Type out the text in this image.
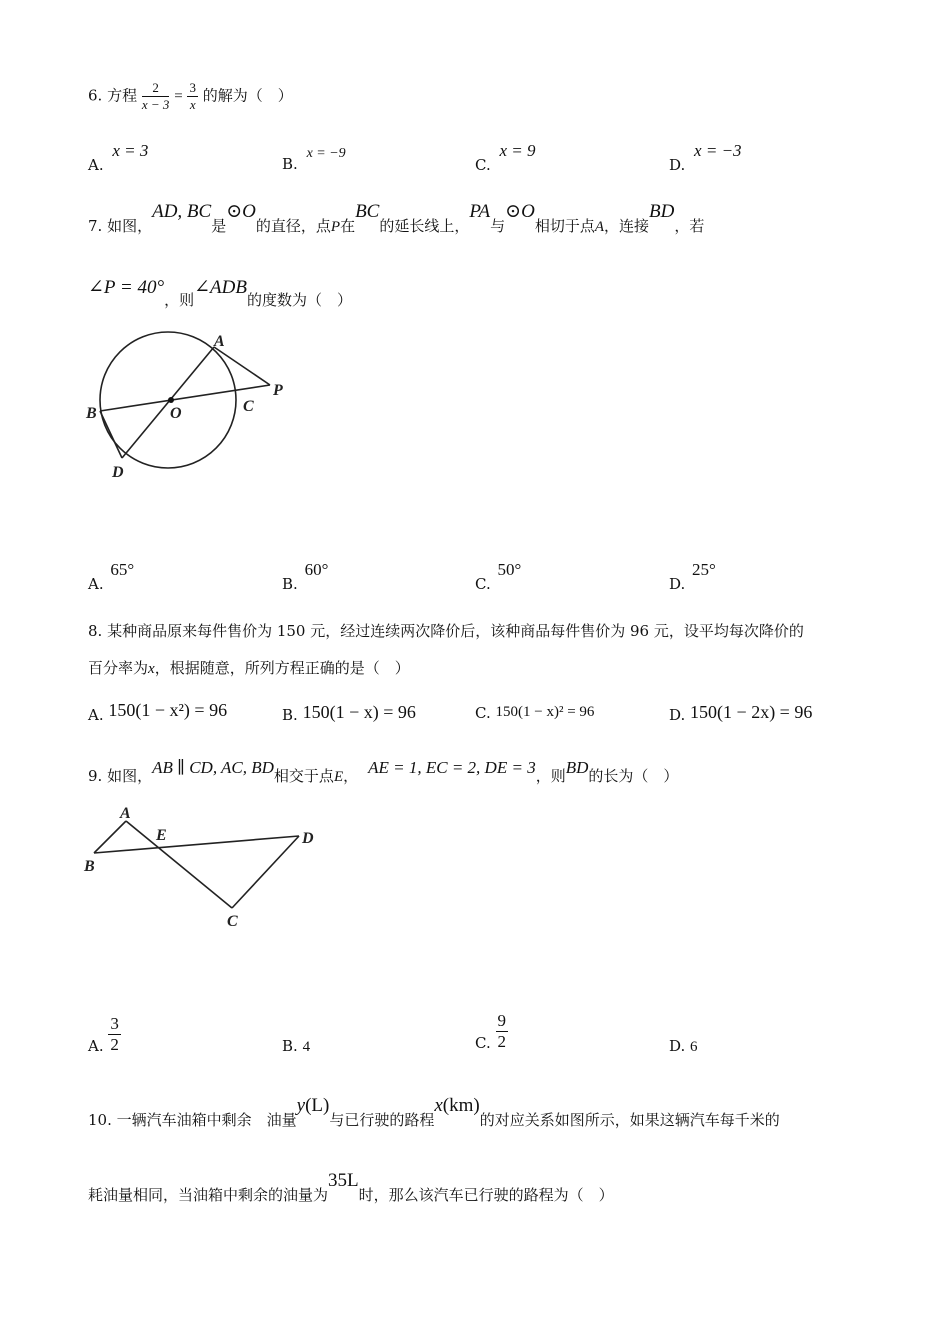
6. 方程 $\frac{2}{x - 3} = \frac{3}{x}$ 的解为（　）
A. x = 3
B. x = −9
C. x = 9
D. x = −3
7. 如图，AD, BC是⊙O的直径，点P在BC的延长线上，PA与⊙O相切于点A，连接BD，若
∠P = 40°，则∠ADB的度数为（　）
A
B	C
D
O
P
A. 65°
B. 60°
C. 50°
D. 25°
8. 某种商品原来每件售价为 150 元，经过连续两次降价后，该种商品每件售价为 96 元，设平均每次降价的
百分率为x，根据随意，所列方程正确的是（　）
A. 150(1 − x²) = 96	B. 150(1 − x) = 96	C. 150(1 − x)² = 96	D. 150(1 − 2x) = 96
9. 如图，AB ∥ CD, AC, BD相交于点E， AE = 1, EC = 2, DE = 3，则BD的长为（　）
A
B
C
D
E
A. $\frac{3}{2}$	B. 4	C. $\frac{9}{2}$	D. 6
10. 一辆汽车油箱中剩余　油量y(L)与已行驶的路程x(km)的对应关系如图所示，如果这辆汽车每千米的
耗油量相同，当油箱中剩余的油量为35L时，那么该汽车已行驶的路程为（　）
